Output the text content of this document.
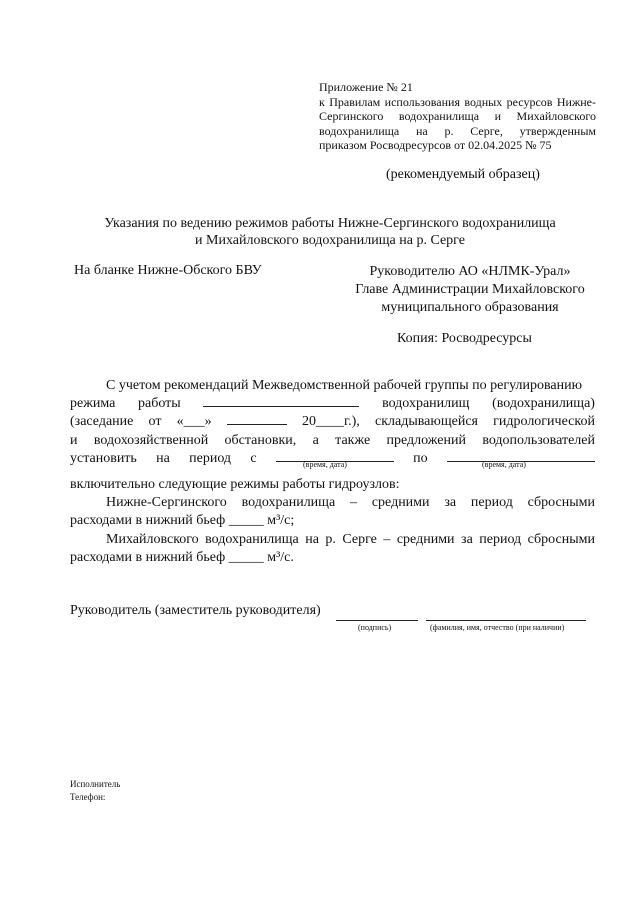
Приложение № 21
к Правилам использования водных ресурсов Нижне-
Сергинского водохранилища и Михайловского
водохранилища на р. Серге, утвержденным
приказом Росводресурсов от 02.04.2025 № 75
(рекомендуемый образец)
Указания по ведению режимов работы Нижне-Сергинского водохранилища
и Михайловского водохранилища на р. Серге
На бланке Нижне-Обского БВУ	Руководителю АО «НЛМК-Урал»
Главе Администрации Михайловского
муниципального образования
Копия: Росводресурсы
С учетом рекомендаций Межведомственной рабочей группы по регулированию
режима работы	водохранилищ (водохранилища)
(заседание от «___»	20____г.), складывающейся гидрологической
и водохозяйственной обстановки, а также предложений водопользователей
установить на период с	по
включительно следующие режимы работы гидроузлов:
Нижне-Сергинского водохранилища – средними за период сбросными
расходами в нижний бьеф _____ м³/с;
Михайловского водохранилища на р. Серге – средними за период сбросными
расходами в нижний бьеф _____ м³/с.
(время, дата)	(время, дата)
Руководитель (заместитель руководителя)
(подпись)	(фамилия, имя, отчество (при наличии)
Исполнитель
Телефон:
